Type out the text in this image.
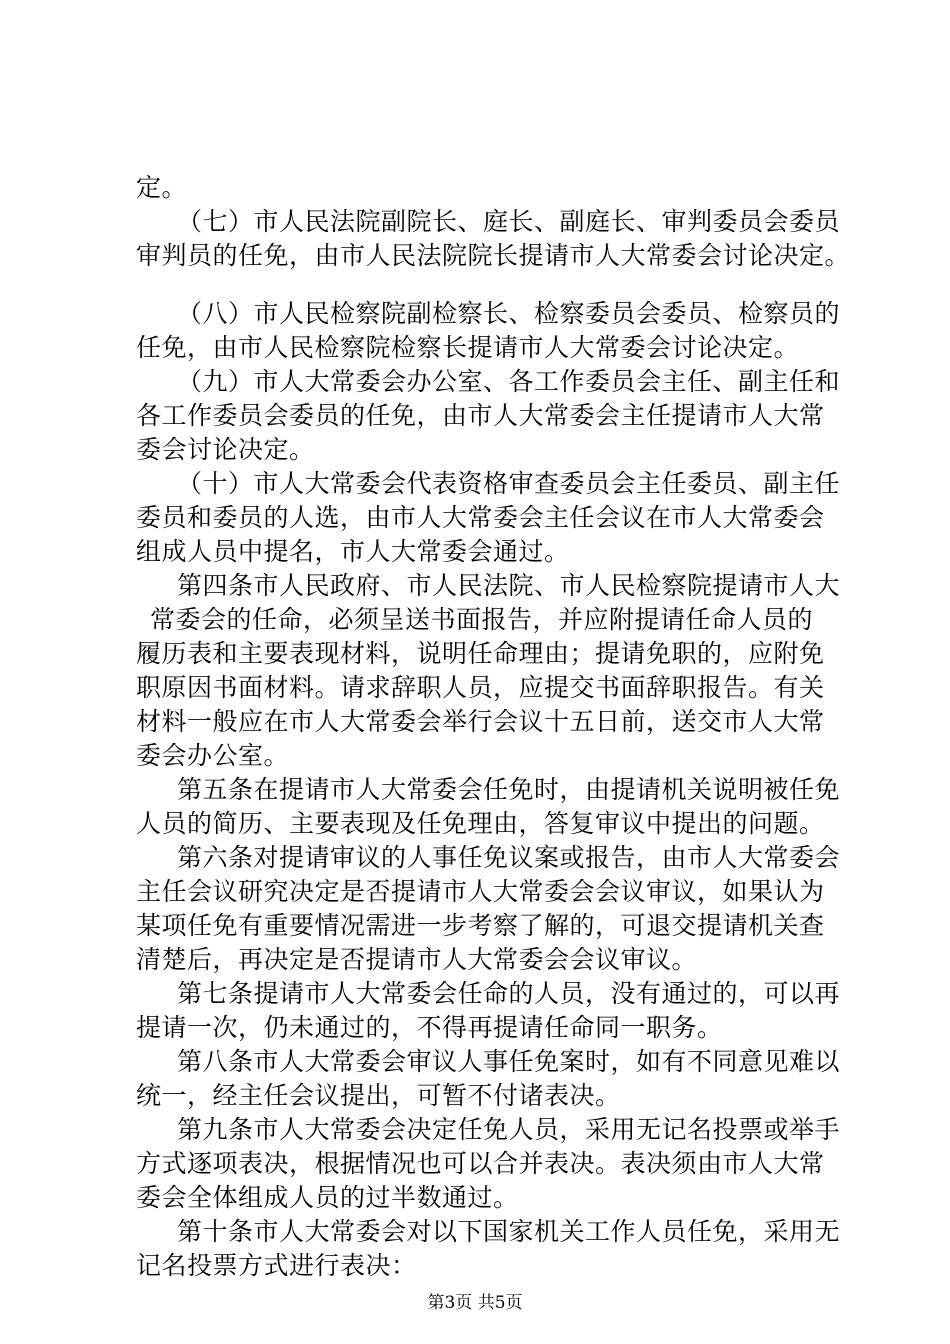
定。
（七）市人民法院副院长、庭长、副庭长、审判委员会委员
审判员的任免，由市人民法院院长提请市人大常委会讨论决定。
（八）市人民检察院副检察长、检察委员会委员、检察员的
任免，由市人民检察院检察长提请市人大常委会讨论决定。
（九）市人大常委会办公室、各工作委员会主任、副主任和
各工作委员会委员的任免，由市人大常委会主任提请市人大常
委会讨论决定。
（十）市人大常委会代表资格审查委员会主任委员、副主任
委员和委员的人选，由市人大常委会主任会议在市人大常委会
组成人员中提名，市人大常委会通过。
第四条市人民政府、市人民法院、市人民检察院提请市人大
常委会的任命，必须呈送书面报告，并应附提请任命人员的
履历表和主要表现材料，说明任命理由；提请免职的，应附免
职原因书面材料。请求辞职人员，应提交书面辞职报告。有关
材料一般应在市人大常委会举行会议十五日前，送交市人大常
委会办公室。
第五条在提请市人大常委会任免时，由提请机关说明被任免
人员的简历、主要表现及任免理由，答复审议中提出的问题。
第六条对提请审议的人事任免议案或报告，由市人大常委会
主任会议研究决定是否提请市人大常委会会议审议，如果认为
某项任免有重要情况需进一步考察了解的，可退交提请机关查
清楚后，再决定是否提请市人大常委会会议审议。
第七条提请市人大常委会任命的人员，没有通过的，可以再
提请一次，仍未通过的，不得再提请任命同一职务。
第八条市人大常委会审议人事任免案时，如有不同意见难以
统一，经主任会议提出，可暂不付诸表决。
第九条市人大常委会决定任免人员，采用无记名投票或举手
方式逐项表决，根据情况也可以合并表决。表决须由市人大常
委会全体组成人员的过半数通过。
第十条市人大常委会对以下国家机关工作人员任免，采用无
记名投票方式进行表决：
第3页 共5页
